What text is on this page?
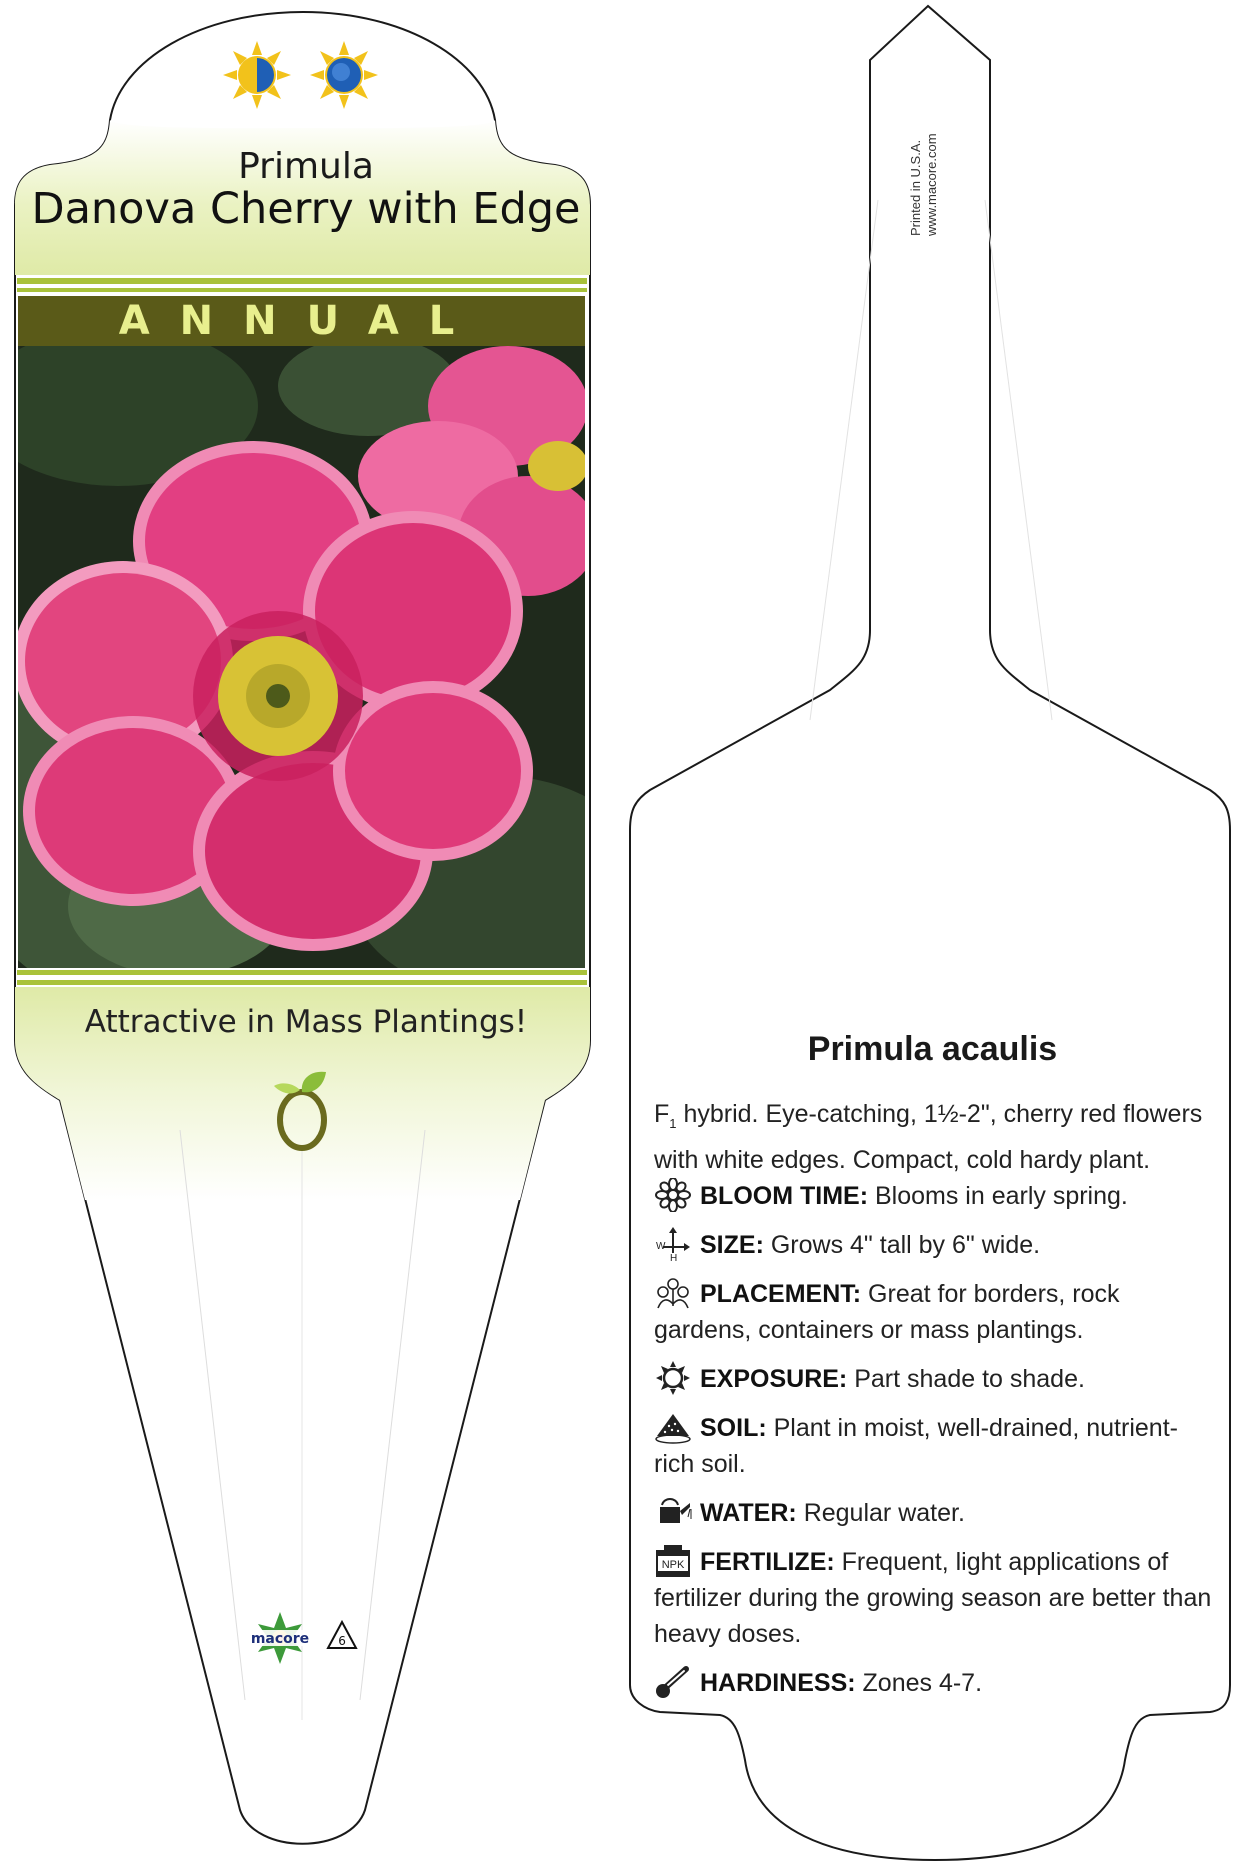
Primula
Danova Cherry with Edge
ANNUAL
Attractive in Mass Plantings!
macore 6
Printed in U.S.A. www.macore.com
Primula acaulis
$F_1$ hybrid. Eye-catching, 1½-2", cherry red flowers with white edges. Compact, cold hardy plant.
BLOOM TIME: Blooms in early spring.
W
H SIZE: Grows 4" tall by 6" wide.
PLACEMENT: Great for borders, rock gardens, containers or mass plantings.
EXPOSURE: Part shade to shade.
SOIL: Plant in moist, well-drained, nutrient-rich soil.
WATER: Regular water.
NPK FERTILIZE: Frequent, light applications of fertilizer during the growing season are better than heavy doses.
HARDINESS: Zones 4-7.
